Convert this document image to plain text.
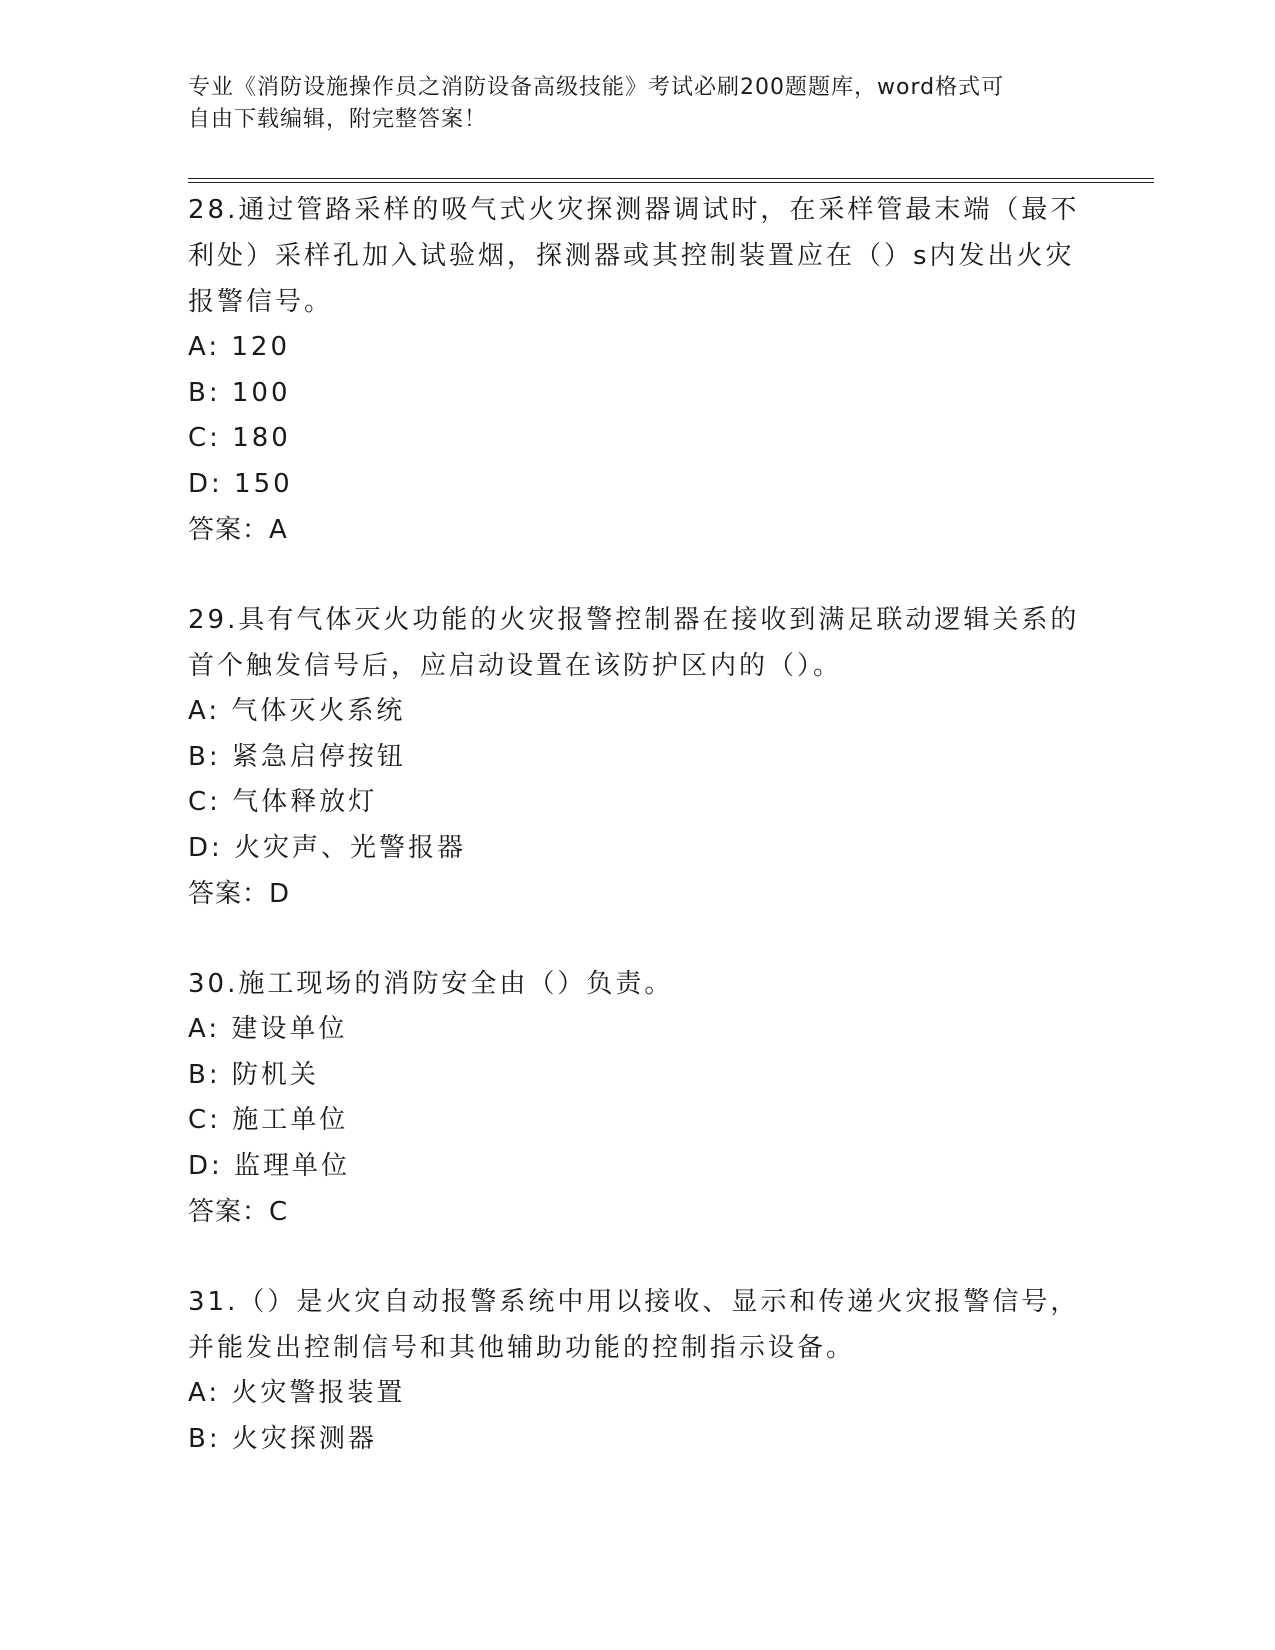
专业《消防设施操作员之消防设备高级技能》考试必刷200题题库，word格式可
自由下载编辑，附完整答案！
28.通过管路采样的吸气式火灾探测器调试时，在采样管最末端（最不利处）采样孔加入试验烟，探测器或其控制装置应在（）s内发出火灾报警信号。
A: 120
B: 100
C: 180
D: 150
答案：A
29.具有气体灭火功能的火灾报警控制器在接收到满足联动逻辑关系的首个触发信号后，应启动设置在该防护区内的（）。
A: 气体灭火系统
B: 紧急启停按钮
C: 气体释放灯
D: 火灾声、光警报器
答案：D
30.施工现场的消防安全由（）负责。
A: 建设单位
B: 防机关
C: 施工单位
D: 监理单位
答案：C
31.（）是火灾自动报警系统中用以接收、显示和传递火灾报警信号，并能发出控制信号和其他辅助功能的控制指示设备。
A: 火灾警报装置
B: 火灾探测器
